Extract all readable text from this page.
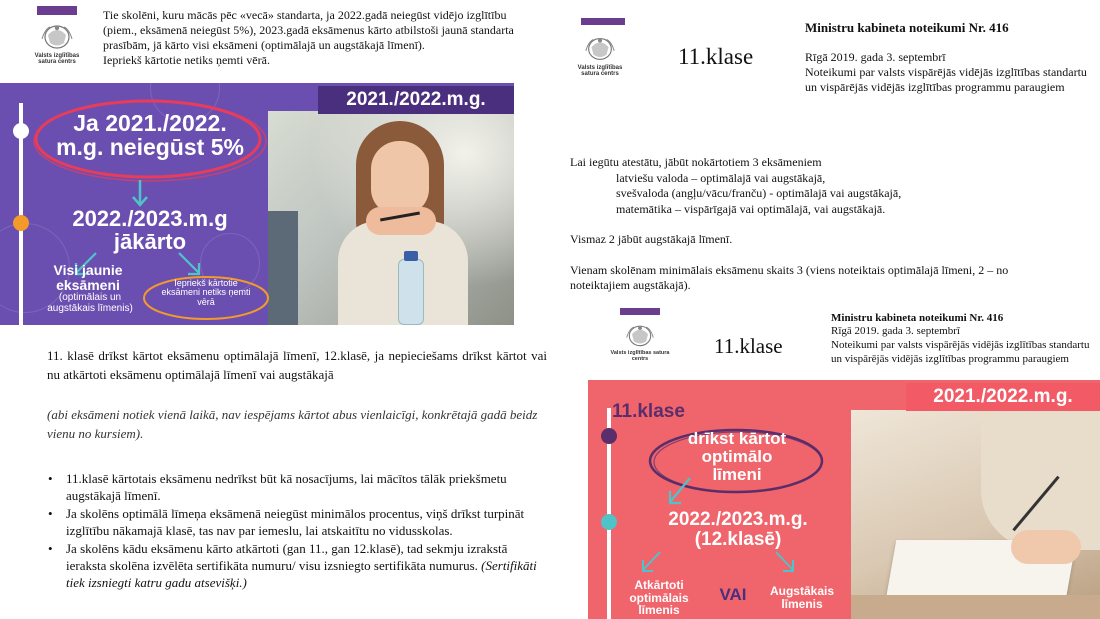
Valsts izglītības satura centrs
Tie skolēni, kuru mācās pēc «vecā» standarta, ja 2022.gadā neiegūst vidējo izglītību (piem., eksāmenā neiegūst 5%), 2023.gadā eksāmenus kārto atbilstoši jaunā standarta prasībām, jā kārto visi eksāmeni (optimālajā un augstākajā līmenī).
Iepriekš kārtotie netiks ņemti vērā.
2021./2022.m.g.
Ja 2021./2022.
m.g. neiegūst 5%
2022./2023.m.g
jākārto
Visi jaunie eksāmeni
(optimālais un augstākais līmenis)
Iepriekš kārtotie eksāmeni netiks ņemti vērā
Valsts izglītības satura centrs
11.klase
Ministru kabineta noteikumi Nr. 416
Rīgā 2019. gada 3. septembrī
Noteikumi par valsts vispārējās vidējās izglītības standartu un vispārējās vidējās izglītības programmu paraugiem
Lai iegūtu atestātu, jābūt nokārtotiem 3 eksāmeniem
latviešu valoda – optimālajā vai augstākajā,
svešvaloda (angļu/vācu/franču) - optimālajā vai augstākajā,
matemātika – vispārīgajā vai optimālajā, vai augstākajā.
Vismaz 2 jābūt augstākajā līmenī.
Vienam skolēnam minimālais eksāmenu skaits 3 (viens noteiktais optimālajā līmeni, 2 – no noteiktajiem augstākajā).
11. klasē drīkst kārtot eksāmenu optimālajā līmenī, 12.klasē, ja nepieciešams drīkst kārtot vai nu atkārtoti eksāmenu optimālajā līmenī vai augstākajā
(abi eksāmeni notiek vienā laikā, nav iespējams kārtot abus vienlaicīgi, konkrētajā gadā beidz vienu no kursiem).
• 11.klasē kārtotais eksāmenu nedrīkst būt kā nosacījums, lai mācītos tālāk priekšmetu augstākajā līmenī.
• Ja skolēns optimālā līmeņa eksāmenā neiegūst minimālos procentus, viņš drīkst turpināt izglītību nākamajā klasē, tas nav par iemeslu, lai atskaitītu no vidusskolas.
• Ja skolēns kādu eksāmenu kārto atkārtoti (gan 11., gan 12.klasē), tad sekmju izrakstā ieraksta skolēna izvēlēta sertifikāta numuru/ visu izsniegto sertifikāta numurus. (Sertifikāti tiek izsniegti katru gadu atsevišķi.)
Valsts izglītības satura centrs
11.klase
Ministru kabineta noteikumi Nr. 416
Rīgā 2019. gada 3. septembrī
Noteikumi par valsts vispārējās vidējās izglītības standartu un vispārējās vidējās izglītības programmu paraugiem
2021./2022.m.g.
11.klase
drīkst kārtot
optimālo
līmeni
2022./2023.m.g.
(12.klasē)
Atkārtoti optimālais līmenis
VAI	Augstākais līmenis
